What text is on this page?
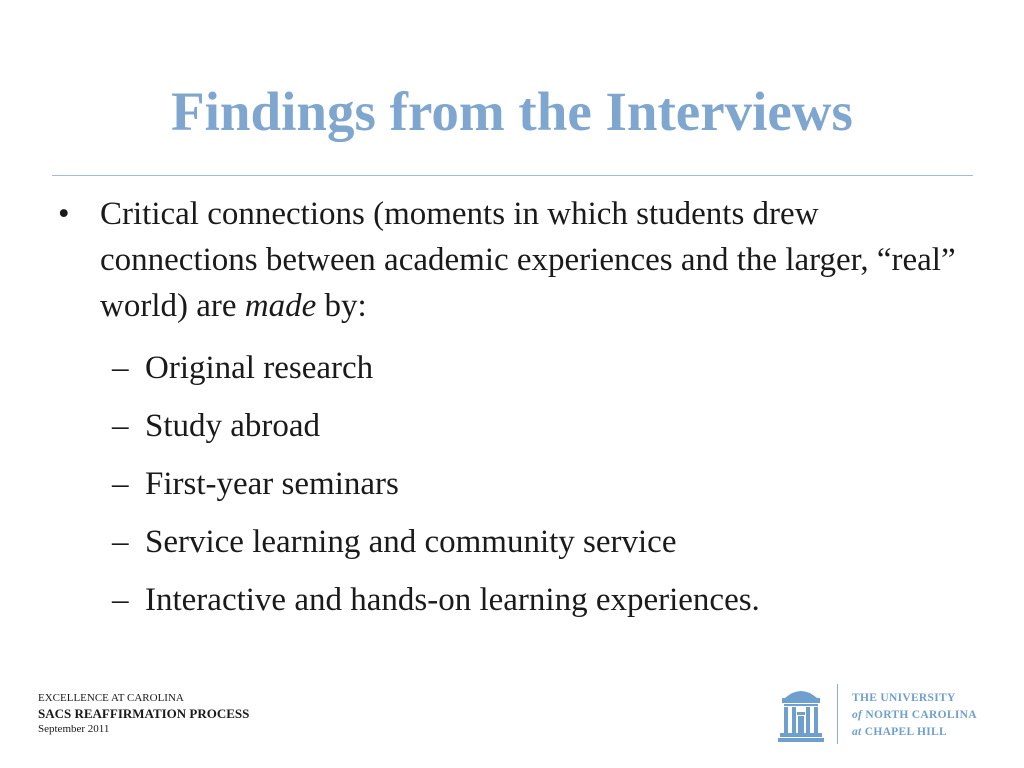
Findings from the Interviews
• Critical connections (moments in which students drew connections between academic experiences and the larger, “real” world) are made by:
– Original research
– Study abroad
– First-year seminars
– Service learning and community service
– Interactive and hands-on learning experiences.
EXCELLENCE AT CAROLINA
SACS REAFFIRMATION PROCESS
September 2011
THE UNIVERSITY
of NORTH CAROLINA
at CHAPEL HILL
